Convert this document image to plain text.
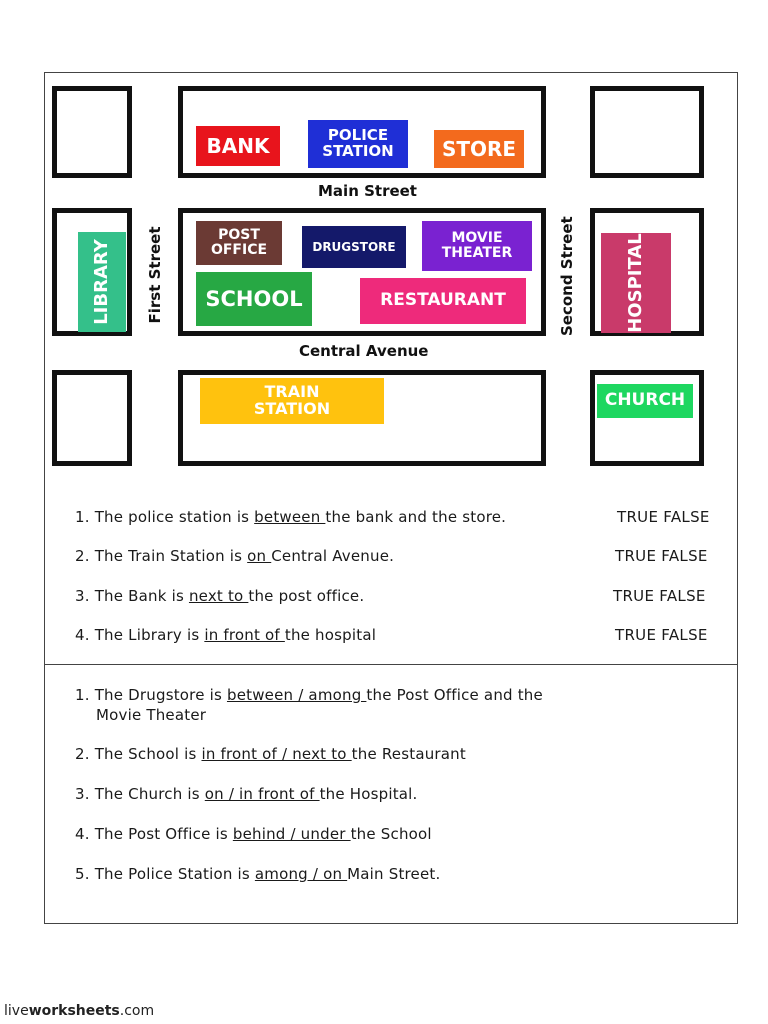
Main Street
Central Avenue
First Street	Second Street
BANK	POLICE
STATION	STORE
LIBRARY
POST
OFFICE	DRUGSTORE
MOVIE
THEATER
SCHOOL	RESTAURANT	HOSPITAL
TRAIN
STATION	CHURCH
1. The police station is between the bank and the store.	TRUE FALSE
2. The Train Station is on Central Avenue.	TRUE FALSE
3. The Bank is next to the post office.	TRUE FALSE
4. The Library is in front of the hospital	TRUE FALSE
1. The Drugstore is between / among the Post Office and the
Movie Theater
2. The School is in front of / next to the Restaurant
3. The Church is on / in front of the Hospital.
4. The Post Office is behind / under the School
5. The Police Station is among / on Main Street.
liveworksheets.com
